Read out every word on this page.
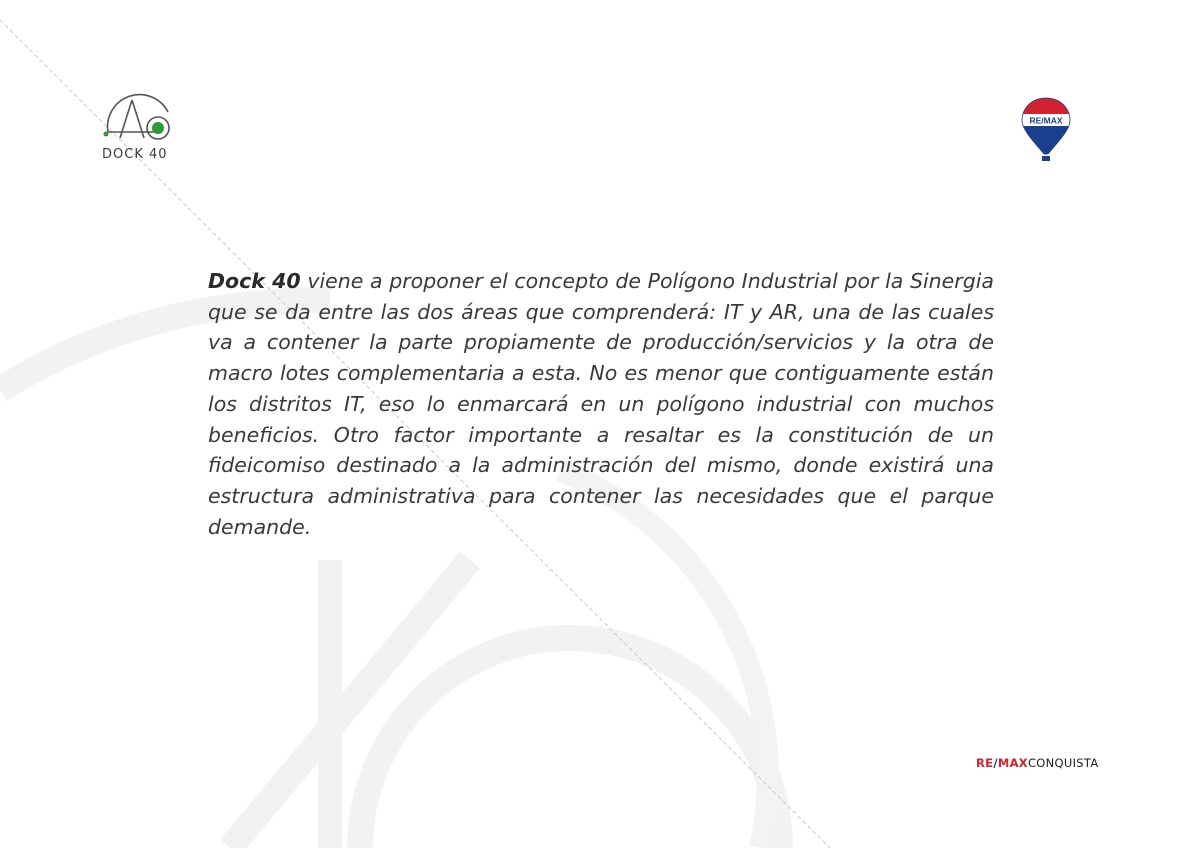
DOCK 40
RE/MAX

Dock 40 viene a proponer el concepto de Polígono Industrial por la Sinergia que se da entre las dos áreas que comprenderá: IT y AR, una de las cuales va a contener la parte propiamente de producción/servicios y la otra de macro lotes complementaria a esta. No es menor que contiguamente están los distritos IT, eso lo enmarcará en un polígono industrial con muchos beneficios. Otro factor importante a resaltar es la constitución de un fideicomiso destinado a la administración del mismo, donde existirá una estructura administrativa para contener las necesidades que el parque demande.

RE/MAXCONQUISTA
